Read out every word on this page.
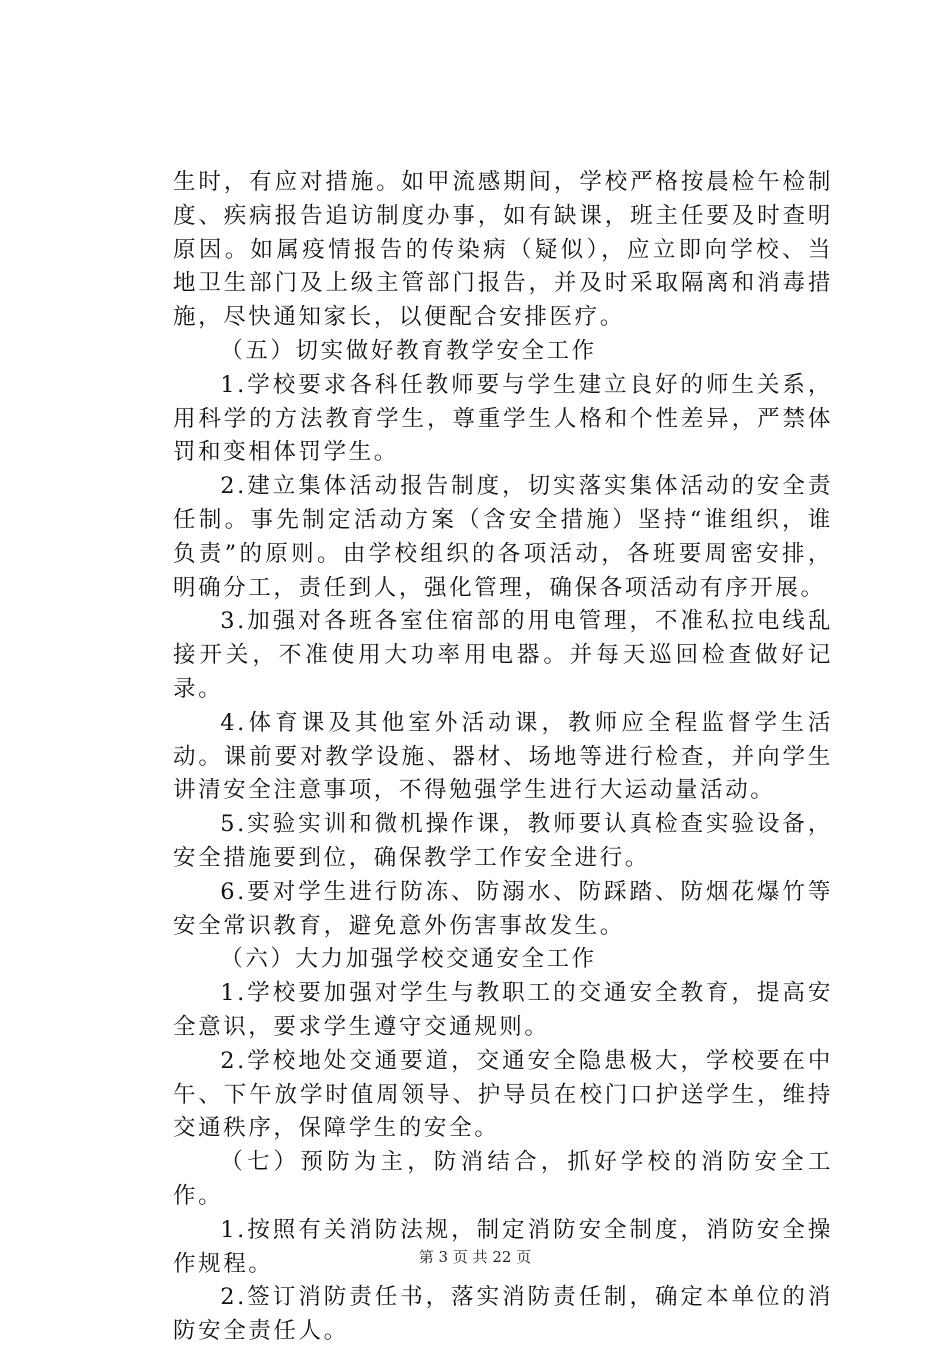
生时，有应对措施。如甲流感期间，学校严格按晨检午检制度、疾病报告追访制度办事，如有缺课，班主任要及时查明原因。如属疫情报告的传染病（疑似），应立即向学校、当地卫生部门及上级主管部门报告，并及时采取隔离和消毒措施，尽快通知家长，以便配合安排医疗。

（五）切实做好教育教学安全工作

1.学校要求各科任教师要与学生建立良好的师生关系，用科学的方法教育学生，尊重学生人格和个性差异，严禁体罚和变相体罚学生。

2.建立集体活动报告制度，切实落实集体活动的安全责任制。事先制定活动方案（含安全措施）坚持“谁组织，谁负责”的原则。由学校组织的各项活动，各班要周密安排，明确分工，责任到人，强化管理，确保各项活动有序开展。

3.加强对各班各室住宿部的用电管理，不准私拉电线乱接开关，不准使用大功率用电器。并每天巡回检查做好记录。

4.体育课及其他室外活动课，教师应全程监督学生活动。课前要对教学设施、器材、场地等进行检查，并向学生讲清安全注意事项，不得勉强学生进行大运动量活动。

5.实验实训和微机操作课，教师要认真检查实验设备，安全措施要到位，确保教学工作安全进行。

6.要对学生进行防冻、防溺水、防踩踏、防烟花爆竹等安全常识教育，避免意外伤害事故发生。

（六）大力加强学校交通安全工作

1.学校要加强对学生与教职工的交通安全教育，提高安全意识，要求学生遵守交通规则。

2.学校地处交通要道，交通安全隐患极大，学校要在中午、下午放学时值周领导、护导员在校门口护送学生，维持交通秩序，保障学生的安全。

（七）预防为主，防消结合，抓好学校的消防安全工作。

1.按照有关消防法规，制定消防安全制度，消防安全操作规程。

2.签订消防责任书，落实消防责任制，确定本单位的消防安全责任人。

第 3 页 共 22 页
